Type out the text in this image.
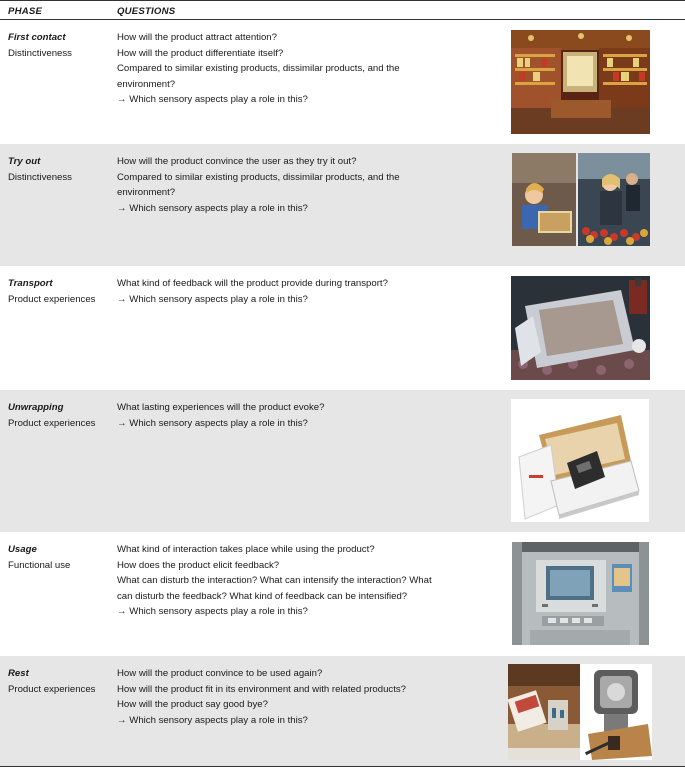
PHASE	QUESTIONS
First contact
Distinctiveness
How will the product attract attention?
How will the product differentiate itself?
Compared to similar existing products, dissimilar products, and the
environment?
→ Which sensory aspects play a role in this?
Try out
Distinctiveness
How will the product convince the user as they try it out?
Compared to similar existing products, dissimilar products, and the
environment?
→ Which sensory aspects play a role in this?
Transport
Product experiences
What kind of feedback will the product provide during transport?
→ Which sensory aspects play a role in this?
Unwrapping
Product experiences
What lasting experiences will the product evoke?
→ Which sensory aspects play a role in this?
Usage
Functional use
What kind of interaction takes place while using the product?
How does the product elicit feedback?
What can disturb the interaction? What can intensify the interaction? What
can disturb the feedback? What kind of feedback can be intensified?
→ Which sensory aspects play a role in this?
Rest
Product experiences
How will the product convince to be used again?
How will the product fit in its environment and with related products?
How will the product say good bye?
→ Which sensory aspects play a role in this?
